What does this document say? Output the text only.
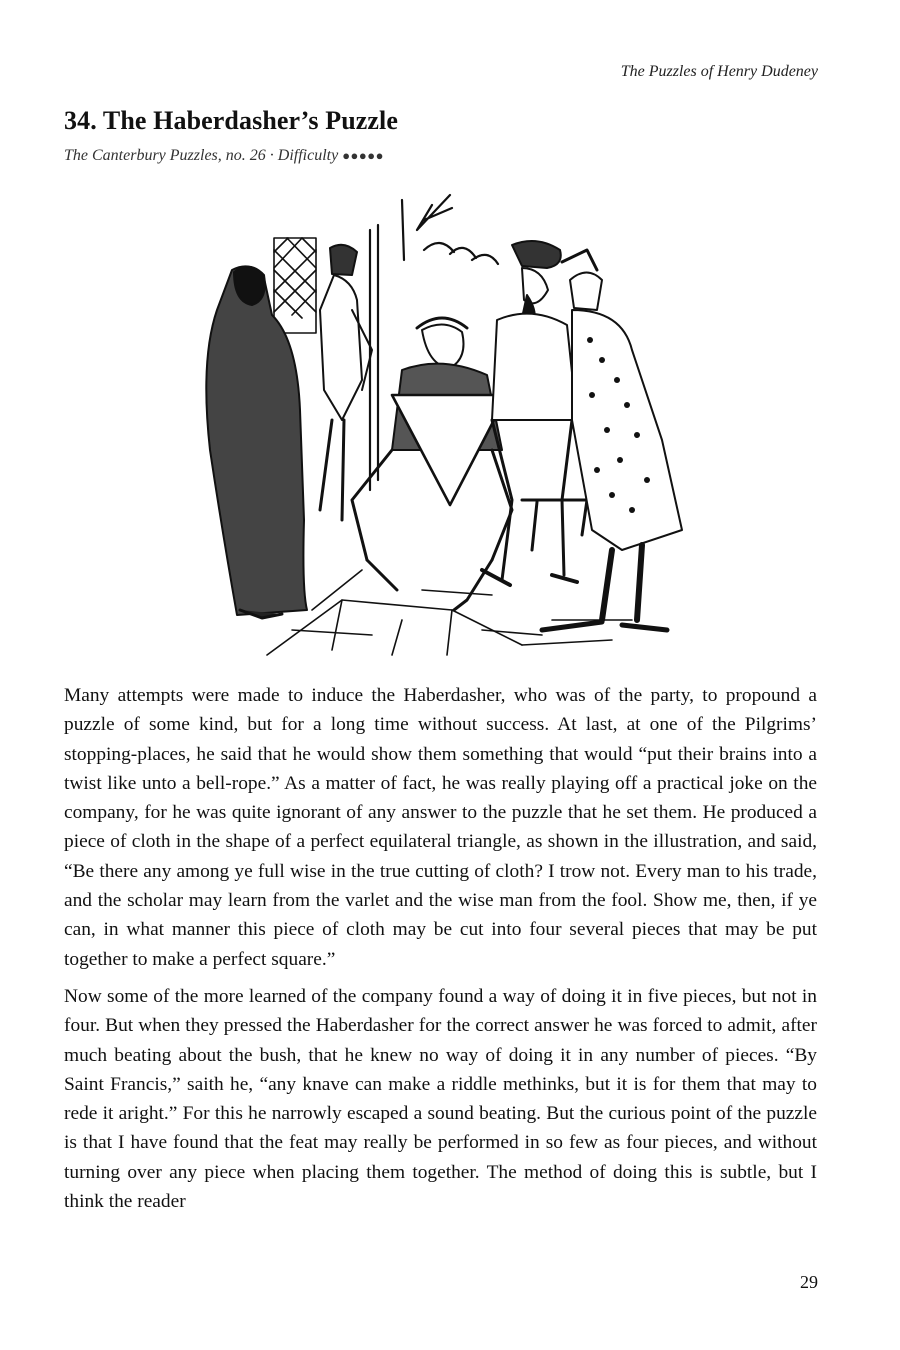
The Puzzles of Henry Dudeney
34. The Haberdasher’s Puzzle
The Canterbury Puzzles, no. 26 · Difficulty ●●●●●

Many attempts were made to induce the Haberdasher, who was of the party, to propound a puzzle of some kind, but for a long time without success. At last, at one of the Pilgrims’ stopping-places, he said that he would show them something that would “put their brains into a twist like unto a bell-rope.” As a matter of fact, he was really playing off a practical joke on the company, for he was quite ignorant of any answer to the puzzle that he set them. He produced a piece of cloth in the shape of a perfect equilateral triangle, as shown in the illustration, and said, “Be there any among ye full wise in the true cutting of cloth? I trow not. Every man to his trade, and the scholar may learn from the varlet and the wise man from the fool. Show me, then, if ye can, in what manner this piece of cloth may be cut into four several pieces that may be put together to make a perfect square.”

Now some of the more learned of the company found a way of doing it in five pieces, but not in four. But when they pressed the Haberdasher for the correct answer he was forced to admit, after much beating about the bush, that he knew no way of doing it in any number of pieces. “By Saint Francis,” saith he, “any knave can make a riddle methinks, but it is for them that may to rede it aright.” For this he narrowly escaped a sound beating. But the curious point of the puzzle is that I have found that the feat may really be performed in so few as four pieces, and without turning over any piece when placing them together. The method of doing this is subtle, but I think the reader

29
